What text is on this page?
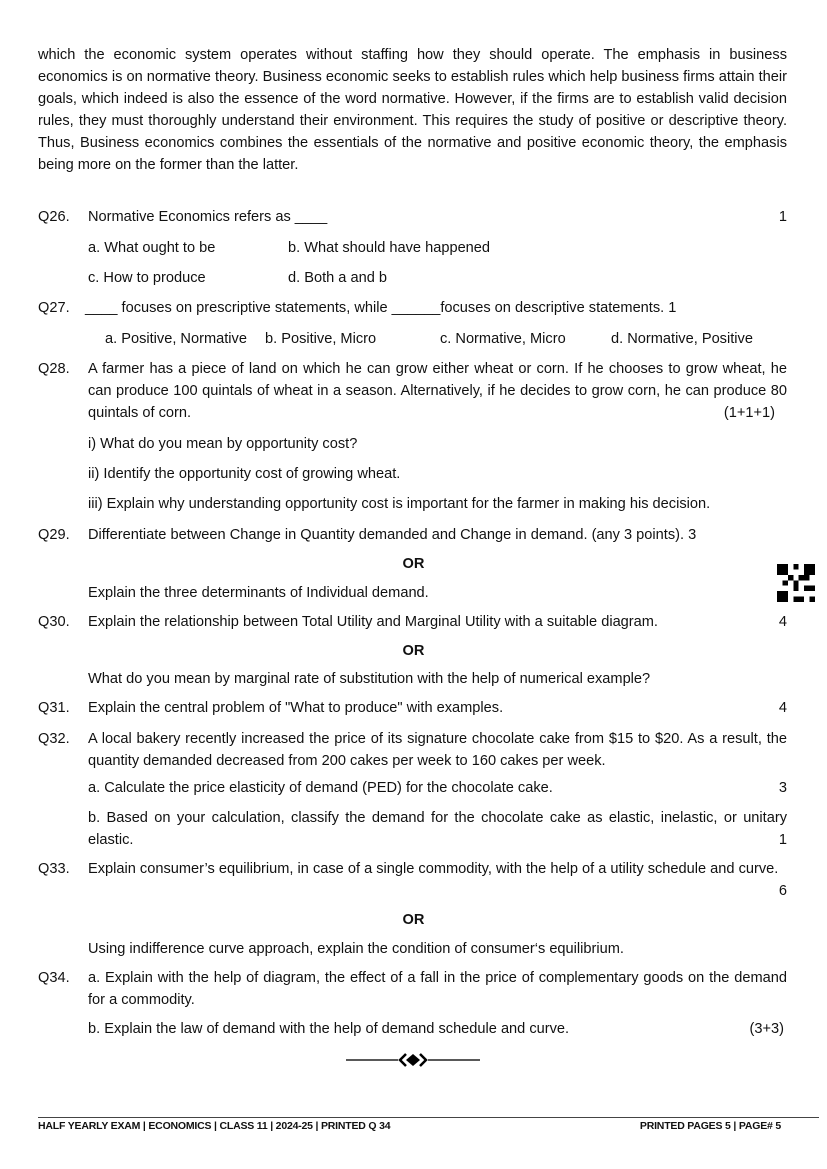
which the economic system operates without staffing how they should operate. The emphasis in business economics is on normative theory. Business economic seeks to establish rules which help business firms attain their goals, which indeed is also the essence of the word normative. However, if the firms are to establish valid decision rules, they must thoroughly understand their environment. This requires the study of positive or descriptive theory. Thus, Business economics combines the essentials of the normative and positive economic theory, the emphasis being more on the former than the latter.
Q26. Normative Economics refers as ____	1
a. What ought to be	b. What should have happened
c. How to produce	d. Both a and b
Q27. ____ focuses on prescriptive statements, while ______focuses on descriptive statements. 1
a. Positive, Normative b. Positive, Micro	c. Normative, Micro	d. Normative, Positive
Q28. A farmer has a piece of land on which he can grow either wheat or corn. If he chooses to grow wheat, he can produce 100 quintals of wheat in a season. Alternatively, if he decides to grow corn, he can produce 80 quintals of corn.	(1+1+1)
i) What do you mean by opportunity cost?
ii) Identify the opportunity cost of growing wheat.
iii) Explain why understanding opportunity cost is important for the farmer in making his decision.
Q29. Differentiate between Change in Quantity demanded and Change in demand. (any 3 points). 3
OR
Explain the three determinants of Individual demand.
Q30. Explain the relationship between Total Utility and Marginal Utility with a suitable diagram.	4
OR
What do you mean by marginal rate of substitution with the help of numerical example?
Q31. Explain the central problem of "What to produce" with examples.	4
Q32. A local bakery recently increased the price of its signature chocolate cake from $15 to $20. As a result, the quantity demanded decreased from 200 cakes per week to 160 cakes per week.
a. Calculate the price elasticity of demand (PED) for the chocolate cake.	3
b. Based on your calculation, classify the demand for the chocolate cake as elastic, inelastic, or unitary elastic.	1
Q33. Explain consumer’s equilibrium, in case of a single commodity, with the help of a utility schedule and curve.
6
OR
Using indifference curve approach, explain the condition of consumer‘s equilibrium.
Q34. a. Explain with the help of diagram, the effect of a fall in the price of complementary goods on the demand for a commodity.
b. Explain the law of demand with the help of demand schedule and curve.	(3+3)
HALF YEARLY EXAM | ECONOMICS | CLASS 11 | 2024-25 | PRINTED Q 34	PRINTED PAGES 5 | PAGE# 5
